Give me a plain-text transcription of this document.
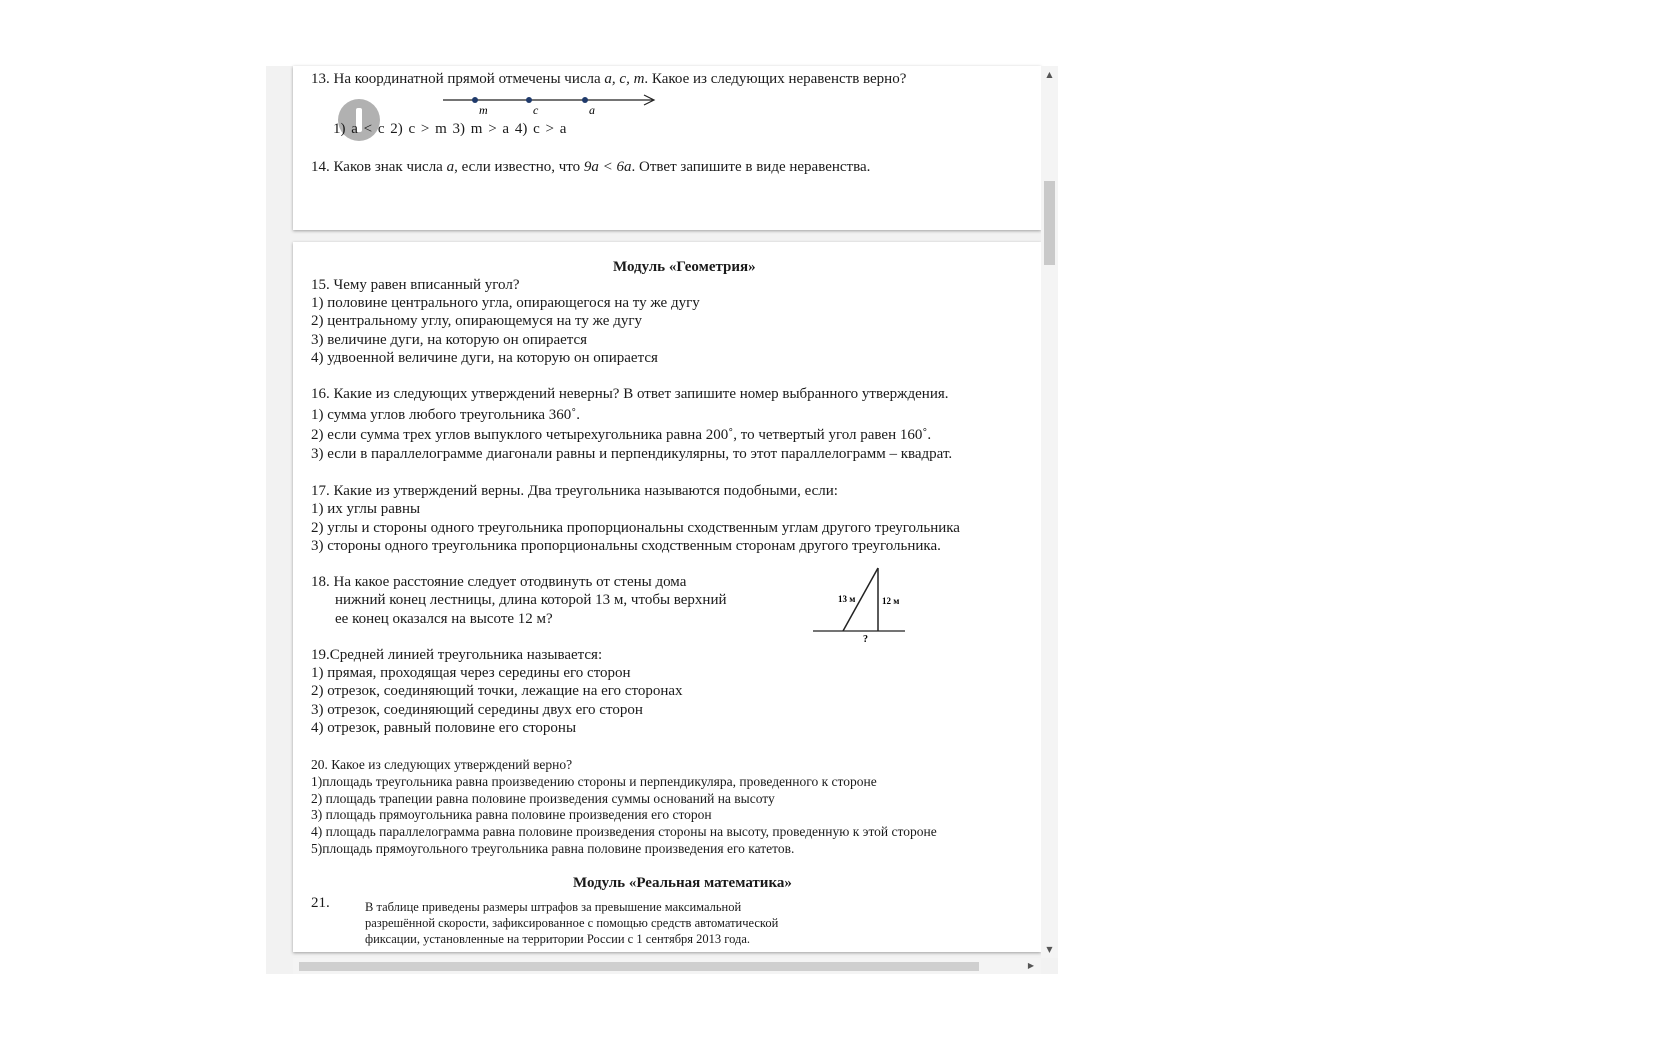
13. На координатной прямой отмечены числа a, c, m. Какое из следующих неравенств верно?
m	c	a
1) a < c 2) c > m 3) m > a 4) c > a
14. Каков знак числа a, если известно, что 9a < 6a. Ответ запишите в виде неравенства.
Модуль «Геометрия»
15. Чему равен вписанный угол?
1) половине центрального угла, опирающегося на ту же дугу
2) центральному углу, опирающемуся на ту же дугу
3) величине дуги, на которую он опирается
4) удвоенной величине дуги, на которую он опирается
16. Какие из следующих утверждений неверны? В ответ запишите номер выбранного утверждения.
1) сумма углов любого треугольника 360˚.
2) если сумма трех углов выпуклого четырехугольника равна 200˚, то четвертый угол равен 160˚.
3) если в параллелограмме диагонали равны и перпендикулярны, то этот параллелограмм – квадрат.
17. Какие из утверждений верны. Два треугольника называются подобными, если:
1) их углы равны
2) углы и стороны одного треугольника пропорциональны сходственным углам другого треугольника
3) стороны одного треугольника пропорциональны сходственным сторонам другого треугольника.
18. На какое расстояние следует отодвинуть от стены дома
нижний конец лестницы, длина которой 13 м, чтобы верхний
ее конец оказался на высоте 12 м?
13 м	12 м
?
19.Средней линией треугольника называется:
1) прямая, проходящая через середины его сторон
2) отрезок, соединяющий точки, лежащие на его сторонах
3) отрезок, соединяющий середины двух его сторон
4) отрезок, равный половине его стороны
20. Какое из следующих утверждений верно?
1)площадь треугольника равна произведению стороны и перпендикуляра, проведенного к стороне
2) площадь трапеции равна половине произведения суммы оснований на высоту
3) площадь прямоугольника равна половине произведения его сторон
4) площадь параллелограмма равна половине произведения стороны на высоту, проведенную к этой стороне
5)площадь прямоугольного треугольника равна половине произведения его катетов.
Модуль «Реальная математика»
21.	В таблице приведены размеры штрафов за превышение максимальной
разрешённой скорости, зафиксированное с помощью средств автоматической
фиксации, установленные на территории России с 1 сентября 2013 года.
▲
▼
▶
